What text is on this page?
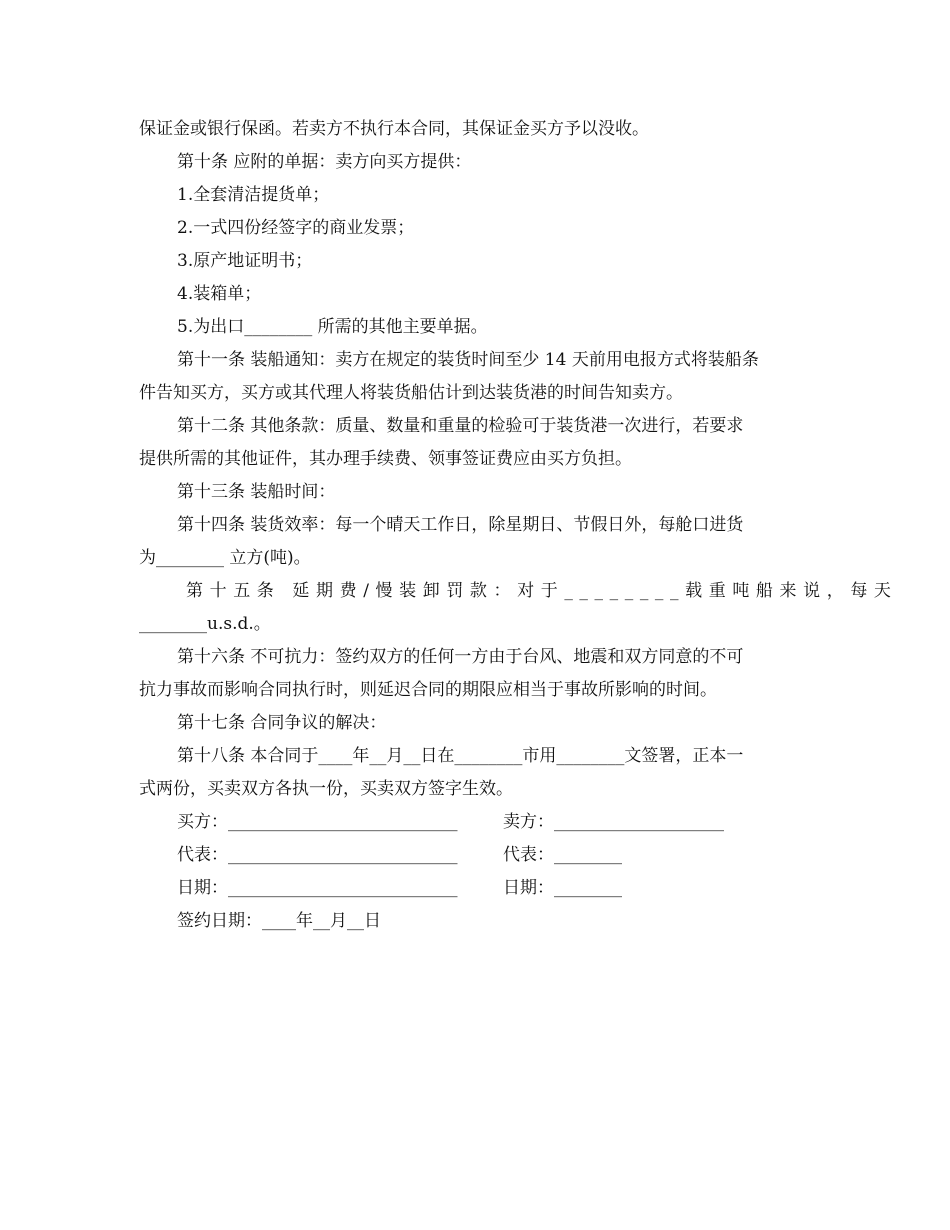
保证金或银行保函。若卖方不执行本合同，其保证金买方予以没收。
第十条 应附的单据：卖方向买方提供：
1.全套清洁提货单；
2.一式四份经签字的商业发票；
3.原产地证明书；
4.装箱单；
5.为出口________ 所需的其他主要单据。
第十一条 装船通知：卖方在规定的装货时间至少 14 天前用电报方式将装船条
件告知买方，买方或其代理人将装货船估计到达装货港的时间告知卖方。
第十二条 其他条款：质量、数量和重量的检验可于装货港一次进行，若要求
提供所需的其他证件，其办理手续费、领事签证费应由买方负担。
第十三条 装船时间：
第十四条 装货效率：每一个晴天工作日，除星期日、节假日外，每舱口进货
为________ 立方(吨)。
第十五条 延期费/慢装卸罚款：对于________载重吨船来说，每天
________u.s.d.。
第十六条 不可抗力：签约双方的任何一方由于台风、地震和双方同意的不可
抗力事故而影响合同执行时，则延迟合同的期限应相当于事故所影响的时间。
第十七条 合同争议的解决：
第十八条 本合同于____年__月__日在________市用________文签署，正本一
式两份，买卖双方各执一份，买卖双方签字生效。
买方：___________________________	卖方：____________________
代表：___________________________	代表：________
日期：___________________________	日期：________
签约日期：____年__月__日
